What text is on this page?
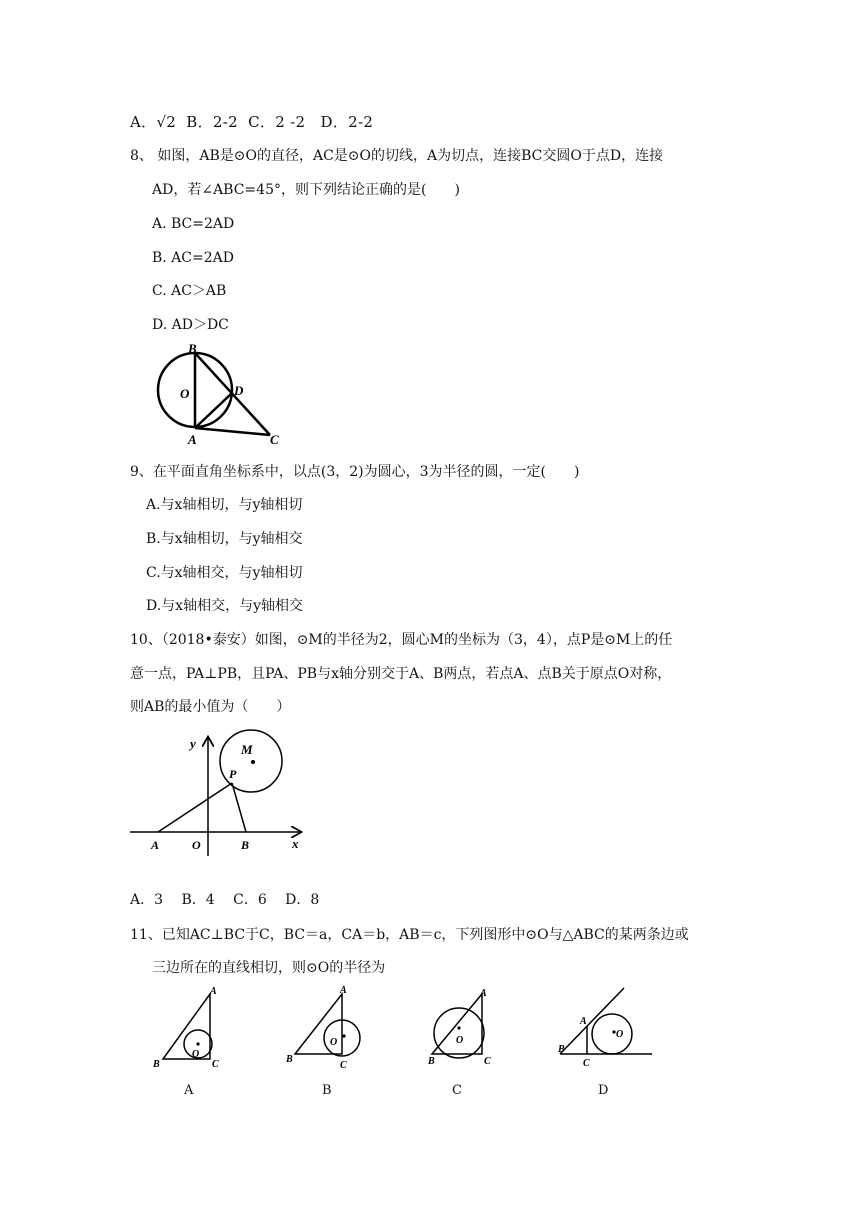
A．√2 B．2-2 C．2 -2 D．2-2
8、 如图，AB是⊙O的直径，AC是⊙O的切线，A为切点，连接BC交圆O于点D，连接
AD，若∠ABC=45°，则下列结论正确的是(　　)
A. BC=2AD
B. AC=2AD
C. AC＞AB
D. AD＞DC
B
O	D
A	C
9、在平面直角坐标系中，以点(3，2)为圆心，3为半径的圆，一定(　　)
A.与x轴相切，与y轴相切
B.与x轴相切，与y轴相交
C.与x轴相交，与y轴相切
D.与x轴相交，与y轴相交
10、（2018•泰安）如图，⊙M的半径为2，圆心M的坐标为（3，4），点P是⊙M上的任
意一点，PA⊥PB，且PA、PB与x轴分别交于A、B两点，若点A、点B关于原点O对称，
则AB的最小值为（　　）
y	M
P
A	O	B	x
A．3　 B．4　 C．6　 D．8
11、已知AC⊥BC于C，BC＝a，CA＝b，AB＝c，下列图形中⊙O与△ABC的某两条边或
三边所在的直线相切，则⊙O的半径为
A
B	C
O
A
A
B
C
O
B
A
B	C
O
C
A
B
C
O
D
